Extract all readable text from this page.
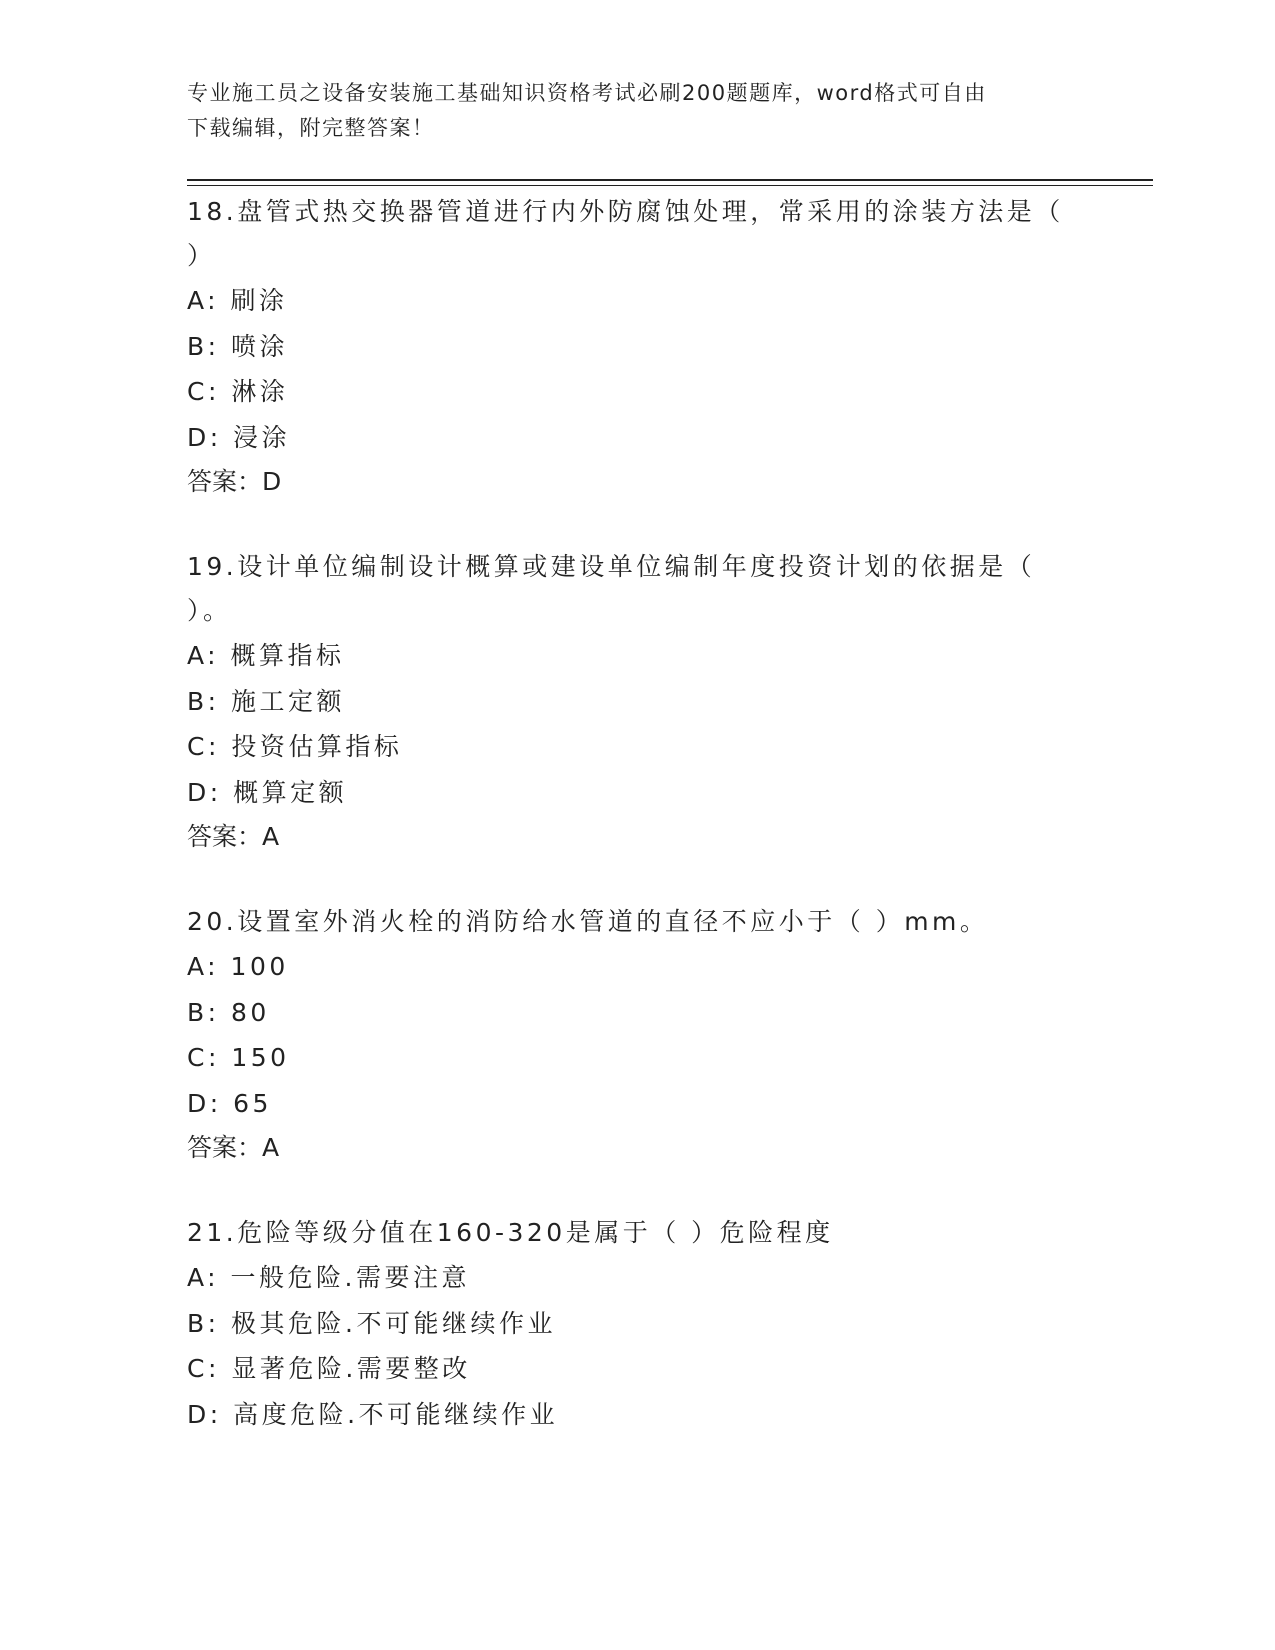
专业施工员之设备安装施工基础知识资格考试必刷200题题库，word格式可自由
下载编辑，附完整答案！
18.盘管式热交换器管道进行内外防腐蚀处理，常采用的涂装方法是（
）
A: 刷涂
B: 喷涂
C: 淋涂
D: 浸涂
答案：D
19.设计单位编制设计概算或建设单位编制年度投资计划的依据是（
）。
A: 概算指标
B: 施工定额
C: 投资估算指标
D: 概算定额
答案：A
20.设置室外消火栓的消防给水管道的直径不应小于（ ）mm。
A: 100
B: 80
C: 150
D: 65
答案：A
21.危险等级分值在160-320是属于（ ）危险程度
A: 一般危险.需要注意
B: 极其危险.不可能继续作业
C: 显著危险.需要整改
D: 高度危险.不可能继续作业
